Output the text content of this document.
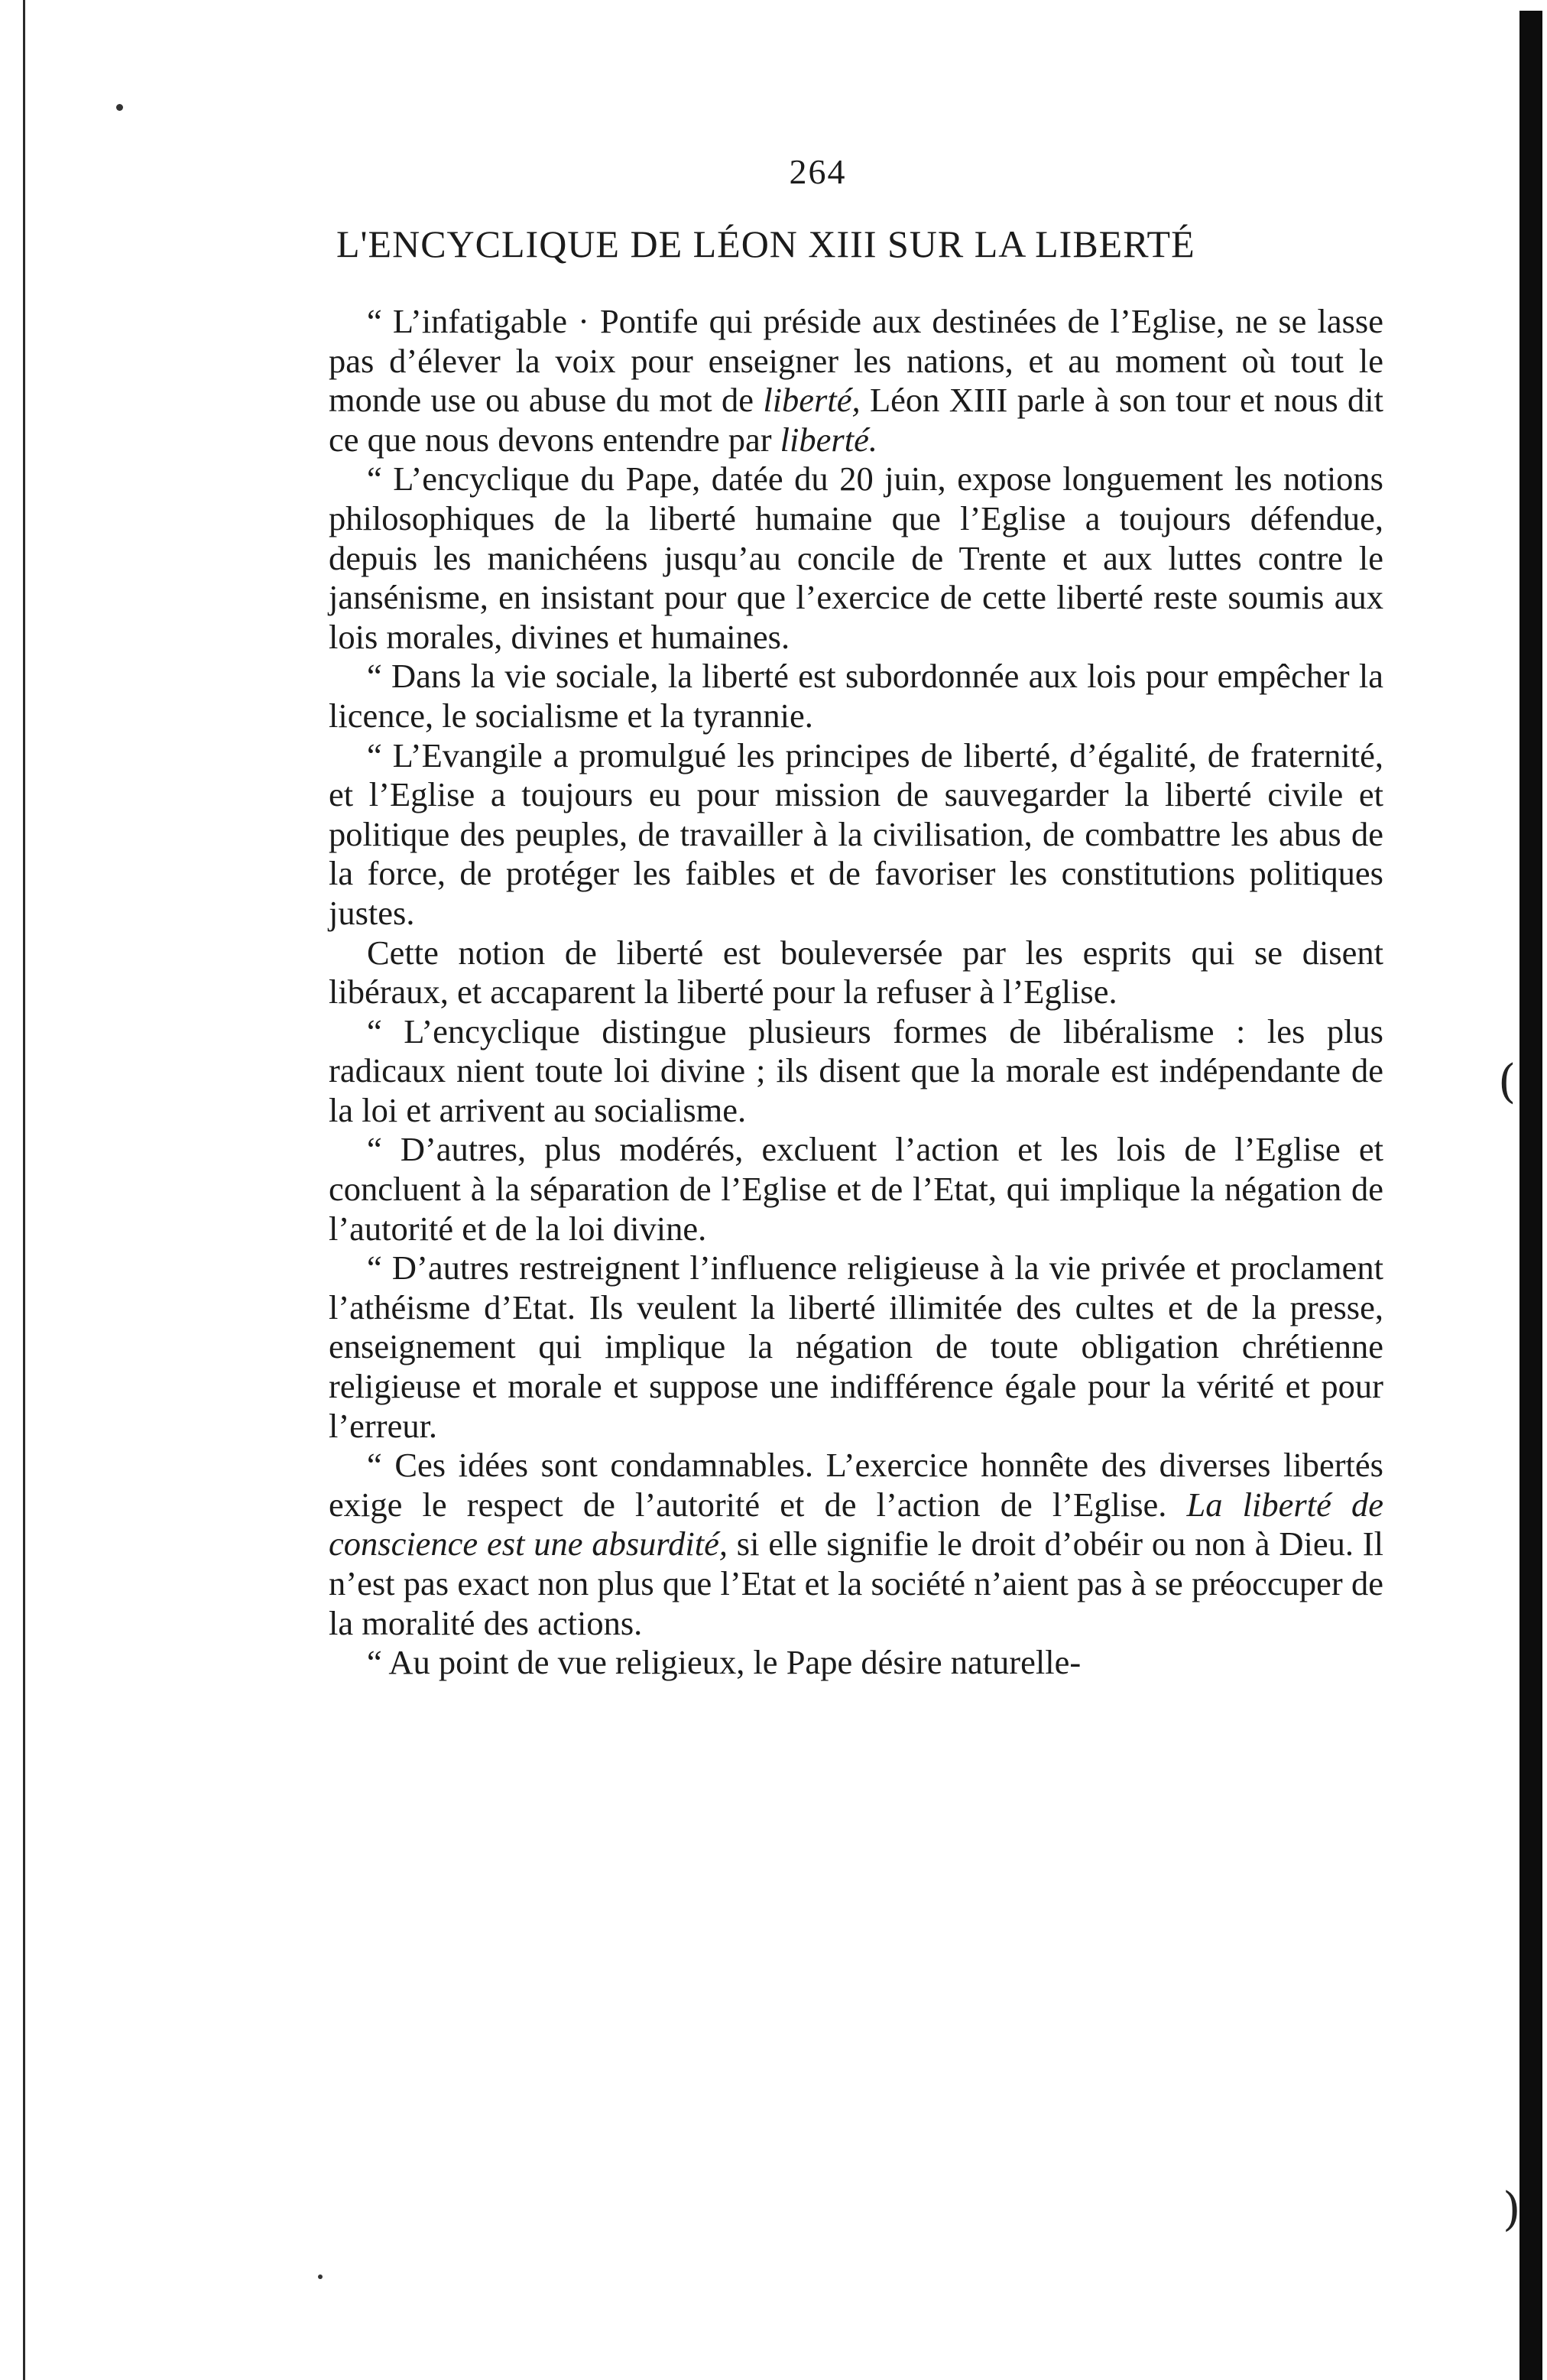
(
)
264
L'ENCYCLIQUE DE LÉON XIII SUR LA LIBERTÉ

“ L’infatigable · Pontife qui préside aux destinées de l’Eglise, ne se lasse pas d’élever la voix pour enseigner les nations, et au moment où tout le monde use ou abuse du mot de liberté, Léon XIII parle à son tour et nous dit ce que nous devons entendre par liberté.

“ L’encyclique du Pape, datée du 20 juin, expose longuement les notions philosophiques de la liberté humaine que l’Eglise a toujours défendue, depuis les manichéens jusqu’au concile de Trente et aux luttes contre le jansénisme, en insistant pour que l’exercice de cette liberté reste soumis aux lois morales, divines et humaines.

“ Dans la vie sociale, la liberté est subordonnée aux lois pour empêcher la licence, le socialisme et la tyrannie.

“ L’Evangile a promulgué les principes de liberté, d’égalité, de fraternité, et l’Eglise a toujours eu pour mission de sauvegarder la liberté civile et politique des peuples, de travailler à la civilisation, de combattre les abus de la force, de protéger les faibles et de favoriser les constitutions politiques justes.

Cette notion de liberté est bouleversée par les esprits qui se disent libéraux, et accaparent la liberté pour la refuser à l’Eglise.

“ L’encyclique distingue plusieurs formes de libéralisme : les plus radicaux nient toute loi divine ; ils disent que la morale est indépendante de la loi et arrivent au socialisme.

“ D’autres, plus modérés, excluent l’action et les lois de l’Eglise et concluent à la séparation de l’Eglise et de l’Etat, qui implique la négation de l’autorité et de la loi divine.

“ D’autres restreignent l’influence religieuse à la vie privée et proclament l’athéisme d’Etat. Ils veulent la liberté illimitée des cultes et de la presse, enseignement qui implique la négation de toute obligation chrétienne religieuse et morale et suppose une indifférence égale pour la vérité et pour l’erreur.

“ Ces idées sont condamnables. L’exercice honnête des diverses libertés exige le respect de l’autorité et de l’action de l’Eglise. La liberté de conscience est une absurdité, si elle signifie le droit d’obéir ou non à Dieu. Il n’est pas exact non plus que l’Etat et la société n’aient pas à se préoccuper de la moralité des actions.

“ Au point de vue religieux, le Pape désire naturelle-
